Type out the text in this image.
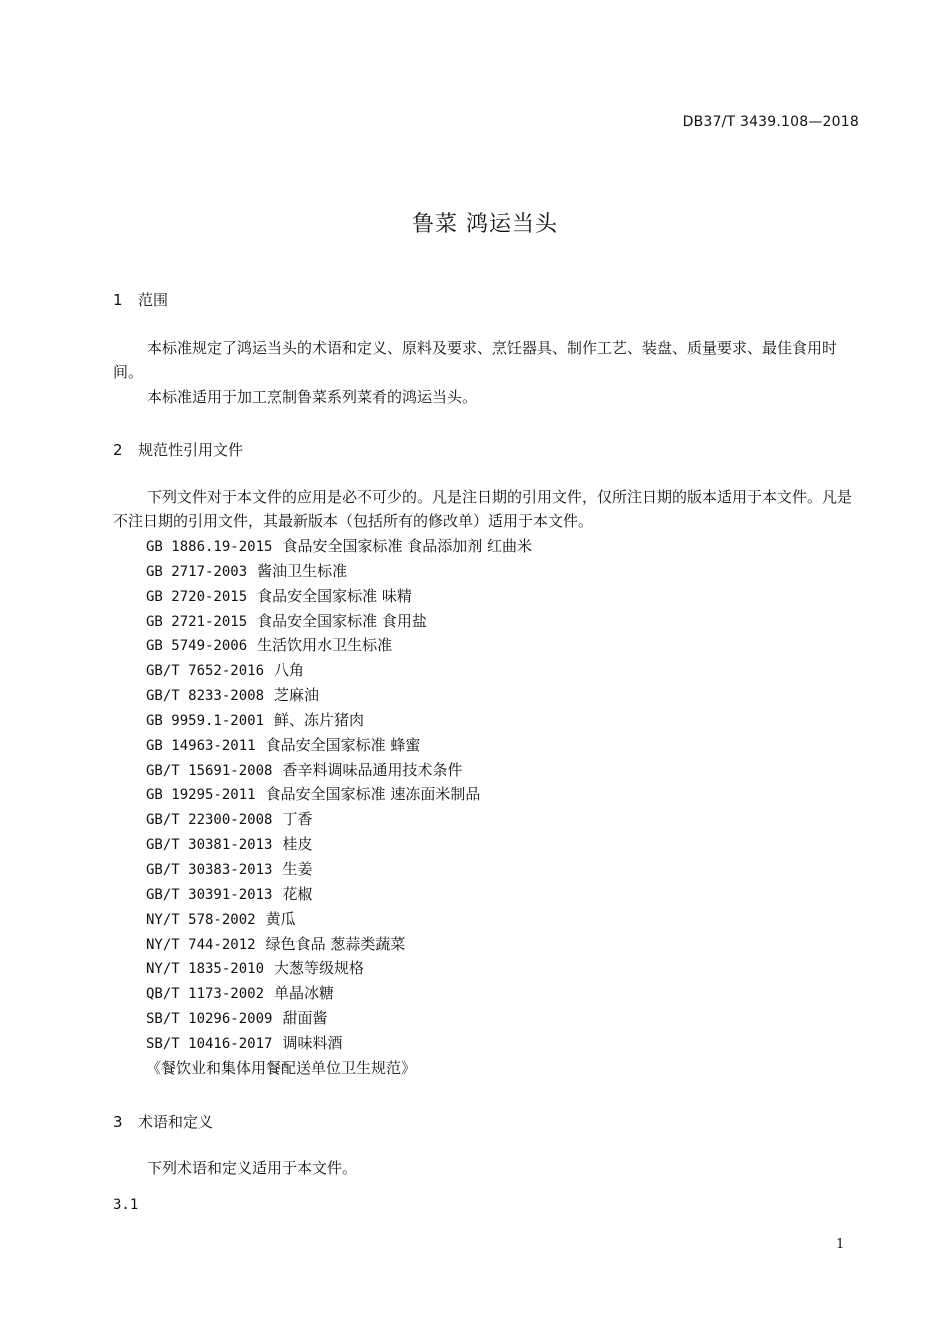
DB37/T 3439.108—2018
鲁菜 鸿运当头
1 范围
本标准规定了鸿运当头的术语和定义、原料及要求、烹饪器具、制作工艺、装盘、质量要求、最佳食用时间。
本标准适用于加工烹制鲁菜系列菜肴的鸿运当头。
2 规范性引用文件
下列文件对于本文件的应用是必不可少的。凡是注日期的引用文件，仅所注日期的版本适用于本文件。凡是不注日期的引用文件，其最新版本（包括所有的修改单）适用于本文件。
GB 1886.19-2015 食品安全国家标准 食品添加剂 红曲米
GB 2717-2003 酱油卫生标准
GB 2720-2015 食品安全国家标准 味精
GB 2721-2015 食品安全国家标准 食用盐
GB 5749-2006 生活饮用水卫生标准
GB/T 7652-2016 八角
GB/T 8233-2008 芝麻油
GB 9959.1-2001 鲜、冻片猪肉
GB 14963-2011 食品安全国家标准 蜂蜜
GB/T 15691-2008 香辛料调味品通用技术条件
GB 19295-2011 食品安全国家标准 速冻面米制品
GB/T 22300-2008 丁香
GB/T 30381-2013 桂皮
GB/T 30383-2013 生姜
GB/T 30391-2013 花椒
NY/T 578-2002 黄瓜
NY/T 744-2012 绿色食品 葱蒜类蔬菜
NY/T 1835-2010 大葱等级规格
QB/T 1173-2002 单晶冰糖
SB/T 10296-2009 甜面酱
SB/T 10416-2017 调味料酒
《餐饮业和集体用餐配送单位卫生规范》
3 术语和定义
下列术语和定义适用于本文件。
3.1
1
